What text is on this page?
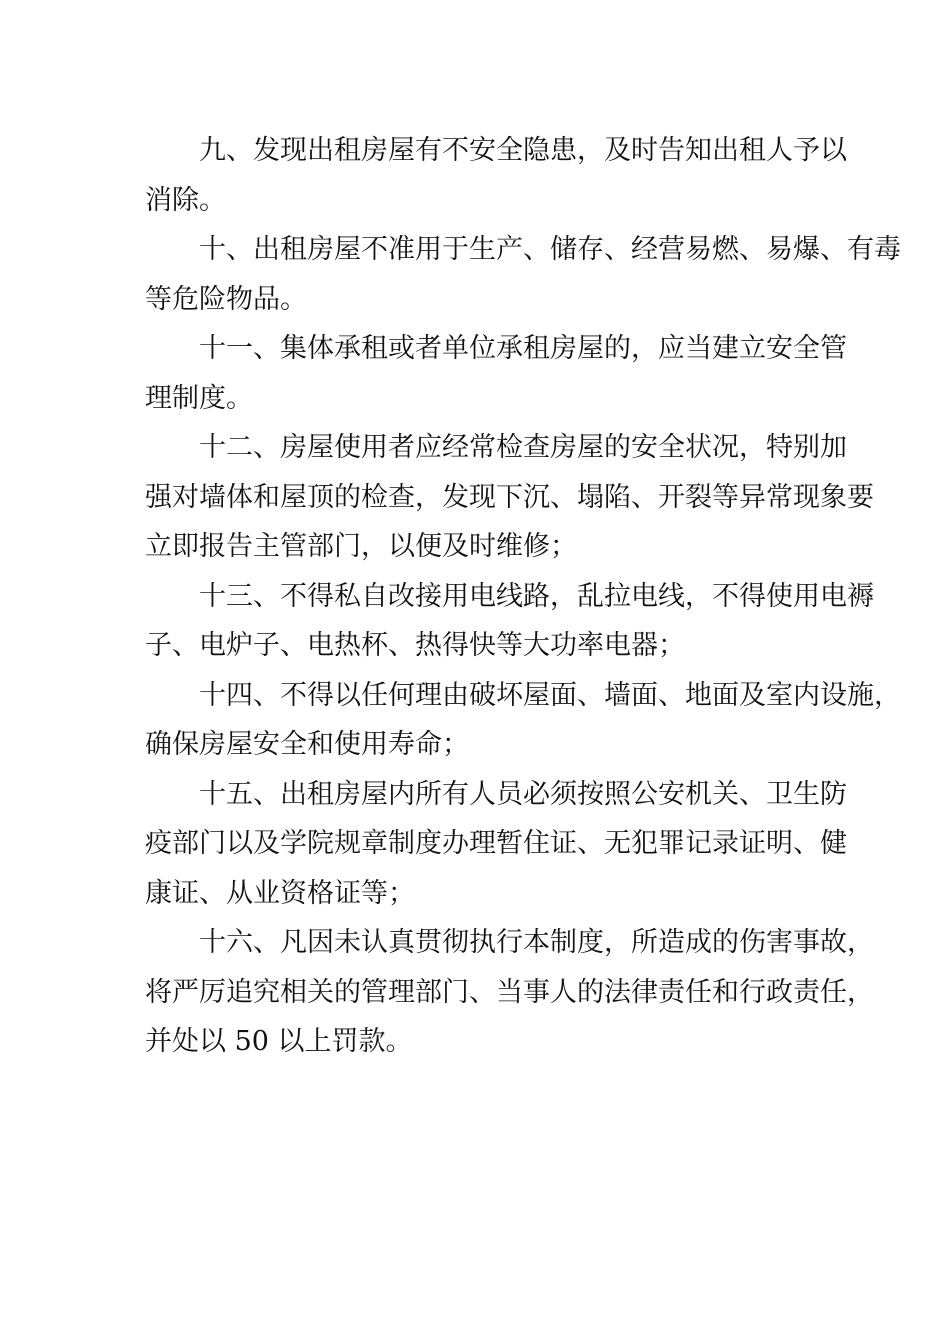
九、发现出租房屋有不安全隐患，及时告知出租人予以
消除。

十、出租房屋不准用于生产、储存、经营易燃、易爆、有毒
等危险物品。

十一、集体承租或者单位承租房屋的，应当建立安全管
理制度。

十二、房屋使用者应经常检查房屋的安全状况，特别加
强对墙体和屋顶的检查，发现下沉、塌陷、开裂等异常现象要
立即报告主管部门，以便及时维修；

十三、不得私自改接用电线路，乱拉电线，不得使用电褥
子、电炉子、电热杯、热得快等大功率电器；

十四、不得以任何理由破坏屋面、墙面、地面及室内设施，
确保房屋安全和使用寿命；

十五、出租房屋内所有人员必须按照公安机关、卫生防
疫部门以及学院规章制度办理暂住证、无犯罪记录证明、健
康证、从业资格证等；

十六、凡因未认真贯彻执行本制度，所造成的伤害事故，
将严厉追究相关的管理部门、当事人的法律责任和行政责任，
并处以 50 以上罚款。
